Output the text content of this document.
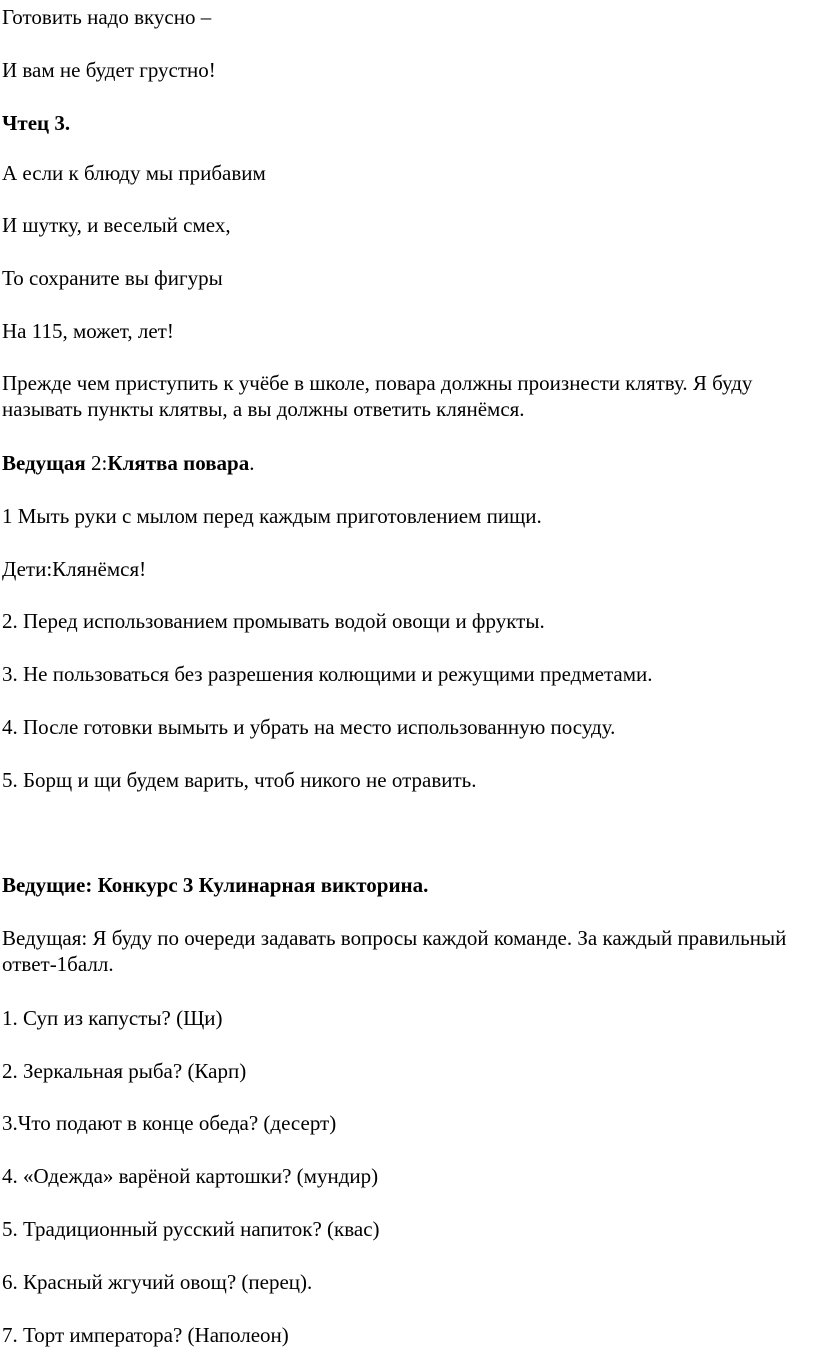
Готовить надо вкусно –

И вам не будет грустно!

Чтец 3.

А если к блюду мы прибавим

И шутку, и веселый смех,

То сохраните вы фигуры

На 115, может, лет!

Прежде чем приступить к учёбе в школе, повара должны произнести клятву. Я буду называть пункты клятвы, а вы должны ответить клянёмся.

Ведущая 2:Клятва повара.

1 Мыть руки с мылом перед каждым приготовлением пищи.

Дети:Клянёмся!

2. Перед использованием промывать водой овощи и фрукты.

3. Не пользоваться без разрешения колющими и режущими предметами.

4. После готовки вымыть и убрать на место использованную посуду.

5. Борщ и щи будем варить, чтоб никого не отравить.

Ведущие: Конкурс 3 Кулинарная викторина.

Ведущая: Я буду по очереди задавать вопросы каждой команде. За каждый правильный ответ-1балл.

1. Суп из капусты? (Щи)

2. Зеркальная рыба? (Карп)

3.Что подают в конце обеда? (десерт)

4. «Одежда» варёной картошки? (мундир)

5. Традиционный русский напиток? (квас)

6. Красный жгучий овощ? (перец).

7. Торт императора? (Наполеон)
